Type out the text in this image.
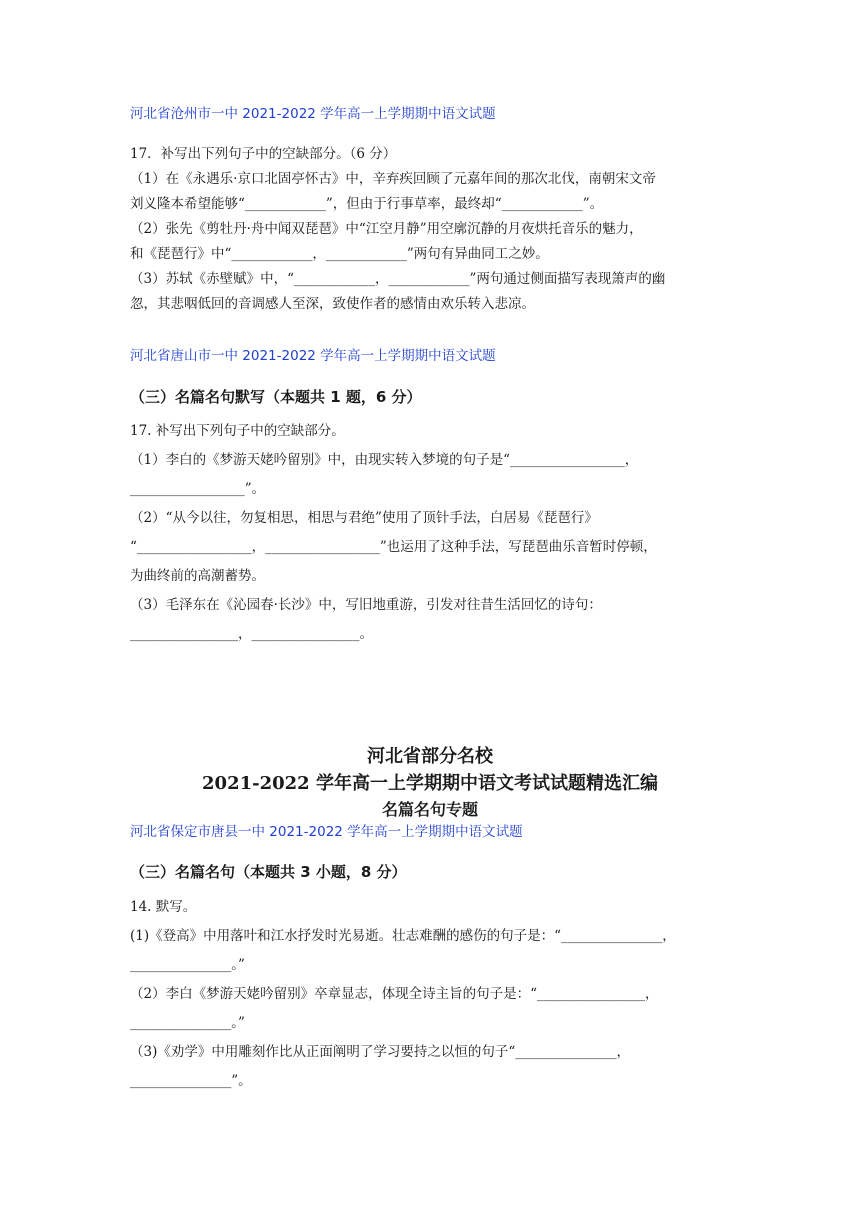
河北省沧州市一中 2021-2022 学年高一上学期期中语文试题

17．补写出下列句子中的空缺部分。（6 分）

（1）在《永遇乐·京口北固亭怀古》中，辛弃疾回顾了元嘉年间的那次北伐，南朝宋文帝

刘义隆本希望能够“____________”，但由于行事草率，最终却“____________”。

（2）张先《剪牡丹·舟中闻双琵琶》中“江空月静”用空廓沉静的月夜烘托音乐的魅力，

和《琵琶行》中“____________，____________”两句有异曲同工之妙。

（3）苏轼《赤壁赋》中，“____________，____________”两句通过侧面描写表现箫声的幽

忽，其悲咽低回的音调感人至深，致使作者的感情由欢乐转入悲凉。

河北省唐山市一中 2021-2022 学年高一上学期期中语文试题

（三）名篇名句默写（本题共 1 题，6 分）

17. 补写出下列句子中的空缺部分。

（1）李白的《梦游天姥吟留别》中，由现实转入梦境的句子是“_________________，

_________________”。

（2）“从今以往，勿复相思，相思与君绝”使用了顶针手法，白居易《琵琶行》

“_________________，_________________”也运用了这种手法，写琵琶曲乐音暂时停顿，

为曲终前的高潮蓄势。

（3）毛泽东在《沁园春·长沙》中，写旧地重游，引发对往昔生活回忆的诗句：

________________，________________。

河北省部分名校
2021-2022 学年高一上学期期中语文考试试题精选汇编
名篇名句专题
河北省保定市唐县一中 2021-2022 学年高一上学期期中语文试题

（三）名篇名句（本题共 3 小题，8 分）

14. 默写。

(1)《登高》中用落叶和江水抒发时光易逝。壮志难酬的感伤的句子是：“_______________，

_______________。”

（2）李白《梦游天姥吟留别》卒章显志，体现全诗主旨的句子是：“________________，

_______________。”

（3)《劝学》中用雕刻作比从正面阐明了学习要持之以恒的句子“_______________，

_______________”。
